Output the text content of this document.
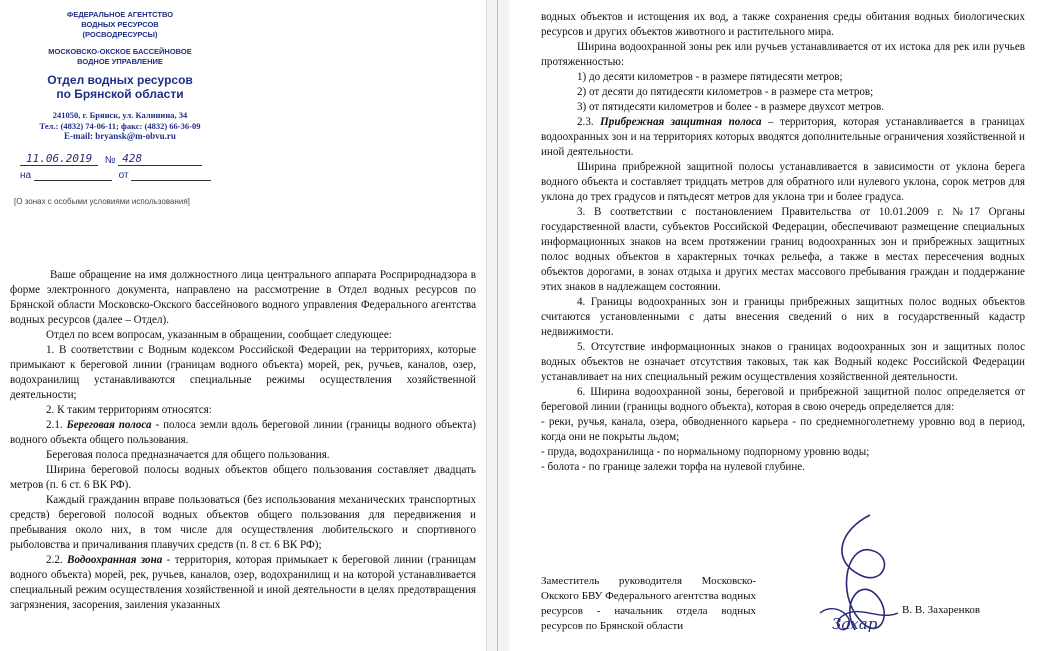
ФЕДЕРАЛЬНОЕ АГЕНТСТВО
ВОДНЫХ РЕСУРСОВ
(РОСВОДРЕСУРСЫ)
МОСКОВСКО-ОКСКОЕ БАССЕЙНОВОЕ
ВОДНОЕ УПРАВЛЕНИЕ
Отдел водных ресурсов
по Брянской области
241050, г. Брянск, ул. Калинина, 34
Тел.: (4832) 74-06-11; факс: (4832) 66-36-09
E-mail: bryansk@m-obvu.ru
11.06.2019 № 428
на	от
[О зонах с особыми условиями использования]

Ваше обращение на имя должностного лица центрального аппарата Росприроднадзора в форме электронного документа, направлено на рассмотрение в Отдел водных ресурсов по Брянской области Московско-Окского бассейнового водного управления Федерального агентства водных ресурсов (далее – Отдел).

Отдел по всем вопросам, указанным в обращении, сообщает следующее:

1. В соответствии с Водным кодексом Российской Федерации на территориях, которые примыкают к береговой линии (границам водного объекта) морей, рек, ручьев, каналов, озер, водохранилищ устанавливаются специальные режимы осуществления хозяйственной деятельности;

2. К таким территориям относятся:

2.1. Береговая полоса - полоса земли вдоль береговой линии (границы водного объекта) водного объекта общего пользования.

Береговая полоса предназначается для общего пользования.

Ширина береговой полосы водных объектов общего пользования составляет двадцать метров (п. 6 ст. 6 ВК РФ).

Каждый гражданин вправе пользоваться (без использования механических транспортных средств) береговой полосой водных объектов общего пользования для передвижения и пребывания около них, в том числе для осуществления любительского и спортивного рыболовства и причаливания плавучих средств (п. 8 ст. 6 ВК РФ);

2.2. Водоохранная зона - территория, которая примыкает к береговой линии (границам водного объекта) морей, рек, ручьев, каналов, озер, водохранилищ и на которой устанавливается специальный режим осуществления хозяйственной и иной деятельности в целях предотвращения загрязнения, засорения, заиления указанных

водных объектов и истощения их вод, а также сохранения среды обитания водных биологических ресурсов и других объектов животного и растительного мира.

Ширина водоохранной зоны рек или ручьев устанавливается от их истока для рек или ручьев протяженностью:

1) до десяти километров - в размере пятидесяти метров;

2) от десяти до пятидесяти километров - в размере ста метров;

3) от пятидесяти километров и более - в размере двухсот метров.

2.3. Прибрежная защитная полоса – территория, которая устанавливается в границах водоохранных зон и на территориях которых вводятся дополнительные ограничения хозяйственной и иной деятельности.

Ширина прибрежной защитной полосы устанавливается в зависимости от уклона берега водного объекта и составляет тридцать метров для обратного или нулевого уклона, сорок метров для уклона до трех градусов и пятьдесят метров для уклона три и более градуса.

3. В соответствии с постановлением Правительства от 10.01.2009 г. №17 Органы государственной власти, субъектов Российской Федерации, обеспечивают размещение специальных информационных знаков на всем протяжении границ водоохранных зон и прибрежных защитных полос водных объектов в характерных точках рельефа, а также в местах пересечения водных объектов дорогами, в зонах отдыха и других местах массового пребывания граждан и поддержание этих знаков в надлежащем состоянии.

4. Границы водоохранных зон и границы прибрежных защитных полос водных объектов считаются установленными с даты внесения сведений о них в государственный кадастр недвижимости.

5. Отсутствие информационных знаков о границах водоохранных зон и защитных полос водных объектов не означает отсутствия таковых, так как Водный кодекс Российской Федерации устанавливает на них специальный режим осуществления хозяйственной деятельности.

6. Ширина водоохранной зоны, береговой и прибрежной защитной полос определяется от береговой линии (границы водного объекта), которая в свою очередь определяется для:

- реки, ручья, канала, озера, обводненного карьера - по среднемноголетнему уровню вод в период, когда они не покрыты льдом;

- пруда, водохранилища - по нормальному подпорному уровню воды;

- болота - по границе залежи торфа на нулевой глубине.

Захар
Заместитель руководителя Московско-Окского БВУ Федерального агентства водных ресурсов - начальник отдела водных ресурсов по Брянской области
В. В. Захаренков
